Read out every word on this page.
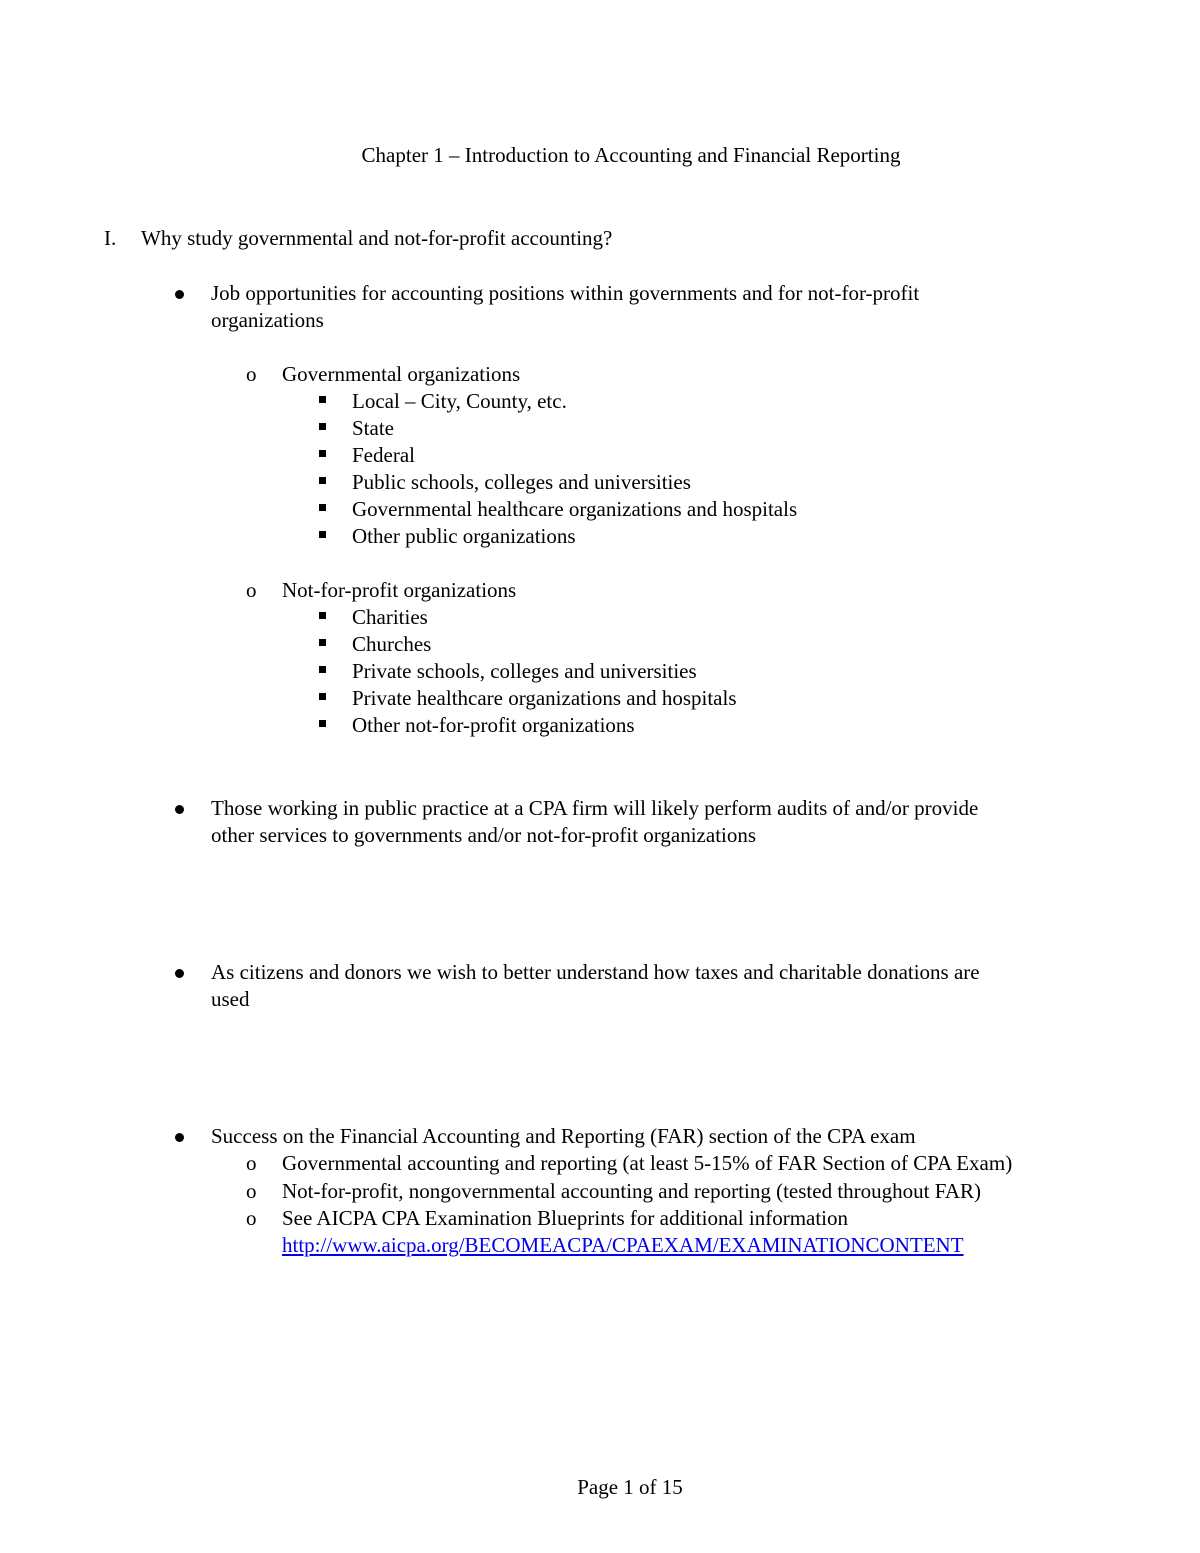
Chapter 1 – Introduction to Accounting and Financial Reporting
I. Why study governmental and not-for-profit accounting?
Job opportunities for accounting positions within governments and for not-for-profit
organizations
o Governmental organizations
Local – City, County, etc.
State
Federal
Public schools, colleges and universities
Governmental healthcare organizations and hospitals
Other public organizations
o Not-for-profit organizations
Charities
Churches
Private schools, colleges and universities
Private healthcare organizations and hospitals
Other not-for-profit organizations
Those working in public practice at a CPA firm will likely perform audits of and/or provide
other services to governments and/or not-for-profit organizations
As citizens and donors we wish to better understand how taxes and charitable donations are
used
Success on the Financial Accounting and Reporting (FAR) section of the CPA exam
o Governmental accounting and reporting (at least 5-15% of FAR Section of CPA Exam)
o Not-for-profit, nongovernmental accounting and reporting (tested throughout FAR)
o See AICPA CPA Examination Blueprints for additional information
http://www.aicpa.org/BECOMEACPA/CPAEXAM/EXAMINATIONCONTENT
Page 1 of 15
